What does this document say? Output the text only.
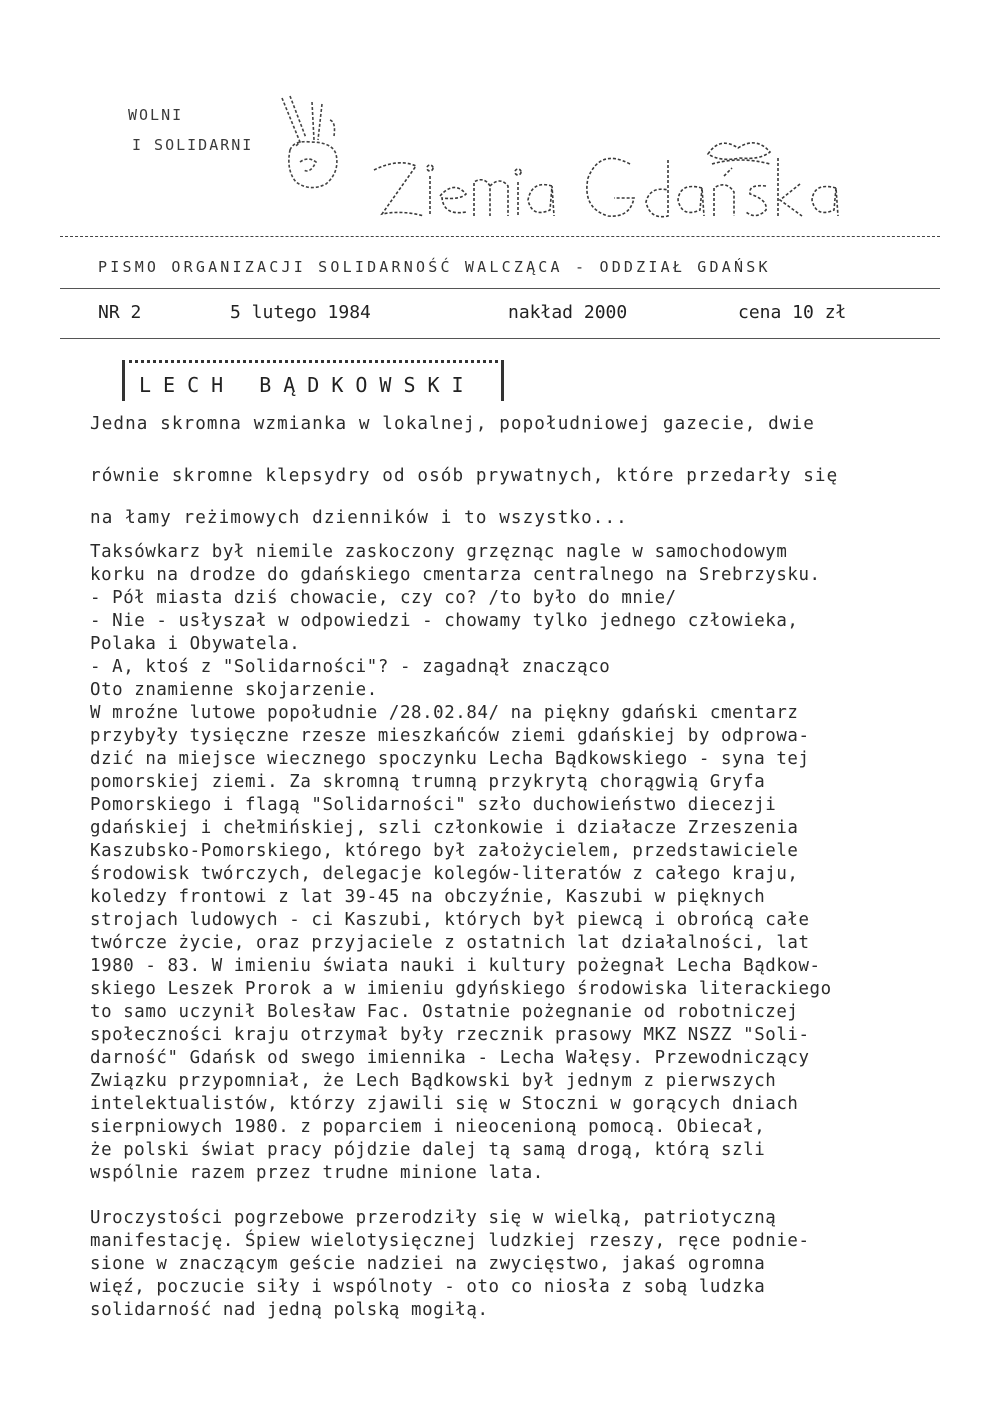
WOLNI
I SOLIDARNI
PISMO ORGANIZACJI SOLIDARNOŚĆ WALCZĄCA - ODDZIAŁ GDAŃSK
NR 2	5 lutego 1984	nakład 2000	cena 10 zł
LECH BĄDKOWSKI
Jedna skromna wzmianka w lokalnej, popołudniowej gazecie, dwie
równie skromne klepsydry od osób prywatnych, które przedarły się
na łamy reżimowych dzienników i to wszystko...
Taksówkarz był niemile zaskoczony grzęznąc nagle w samochodowym
korku na drodze do gdańskiego cmentarza centralnego na Srebrzysku.
- Pół miasta dziś chowacie, czy co? /to było do mnie/
- Nie - usłyszał w odpowiedzi - chowamy tylko jednego człowieka,
Polaka i Obywatela.
- A, ktoś z "Solidarności"? - zagadnął znacząco
Oto znamienne skojarzenie.
W mroźne lutowe popołudnie /28.02.84/ na piękny gdański cmentarz
przybyły tysięczne rzesze mieszkańców ziemi gdańskiej by odprowa-
dzić na miejsce wiecznego spoczynku Lecha Bądkowskiego - syna tej
pomorskiej ziemi. Za skromną trumną przykrytą chorągwią Gryfa
Pomorskiego i flagą "Solidarności" szło duchowieństwo diecezji
gdańskiej i chełmińskiej, szli członkowie i działacze Zrzeszenia
Kaszubsko-Pomorskiego, którego był założycielem, przedstawiciele
środowisk twórczych, delegacje kolegów-literatów z całego kraju,
koledzy frontowi z lat 39-45 na obczyźnie, Kaszubi w pięknych
strojach ludowych - ci Kaszubi, których był piewcą i obrońcą całe
twórcze życie, oraz przyjaciele z ostatnich lat działalności, lat
1980 - 83. W imieniu świata nauki i kultury pożegnał Lecha Bądkow-
skiego Leszek Prorok a w imieniu gdyńskiego środowiska literackiego
to samo uczynił Bolesław Fac. Ostatnie pożegnanie od robotniczej
społeczności kraju otrzymał były rzecznik prasowy MKZ NSZZ "Soli-
darność" Gdańsk od swego imiennika - Lecha Wałęsy. Przewodniczący
Związku przypomniał, że Lech Bądkowski był jednym z pierwszych
intelektualistów, którzy zjawili się w Stoczni w gorących dniach
sierpniowych 1980. z poparciem i nieocenioną pomocą. Obiecał,
że polski świat pracy pójdzie dalej tą samą drogą, którą szli
wspólnie razem przez trudne minione lata.
Uroczystości pogrzebowe przerodziły się w wielką, patriotyczną
manifestację. Śpiew wielotysięcznej ludzkiej rzeszy, ręce podnie-
sione w znaczącym geście nadziei na zwycięstwo, jakaś ogromna
więź, poczucie siły i wspólnoty - oto co niosła z sobą ludzka
solidarność nad jedną polską mogiłą.
